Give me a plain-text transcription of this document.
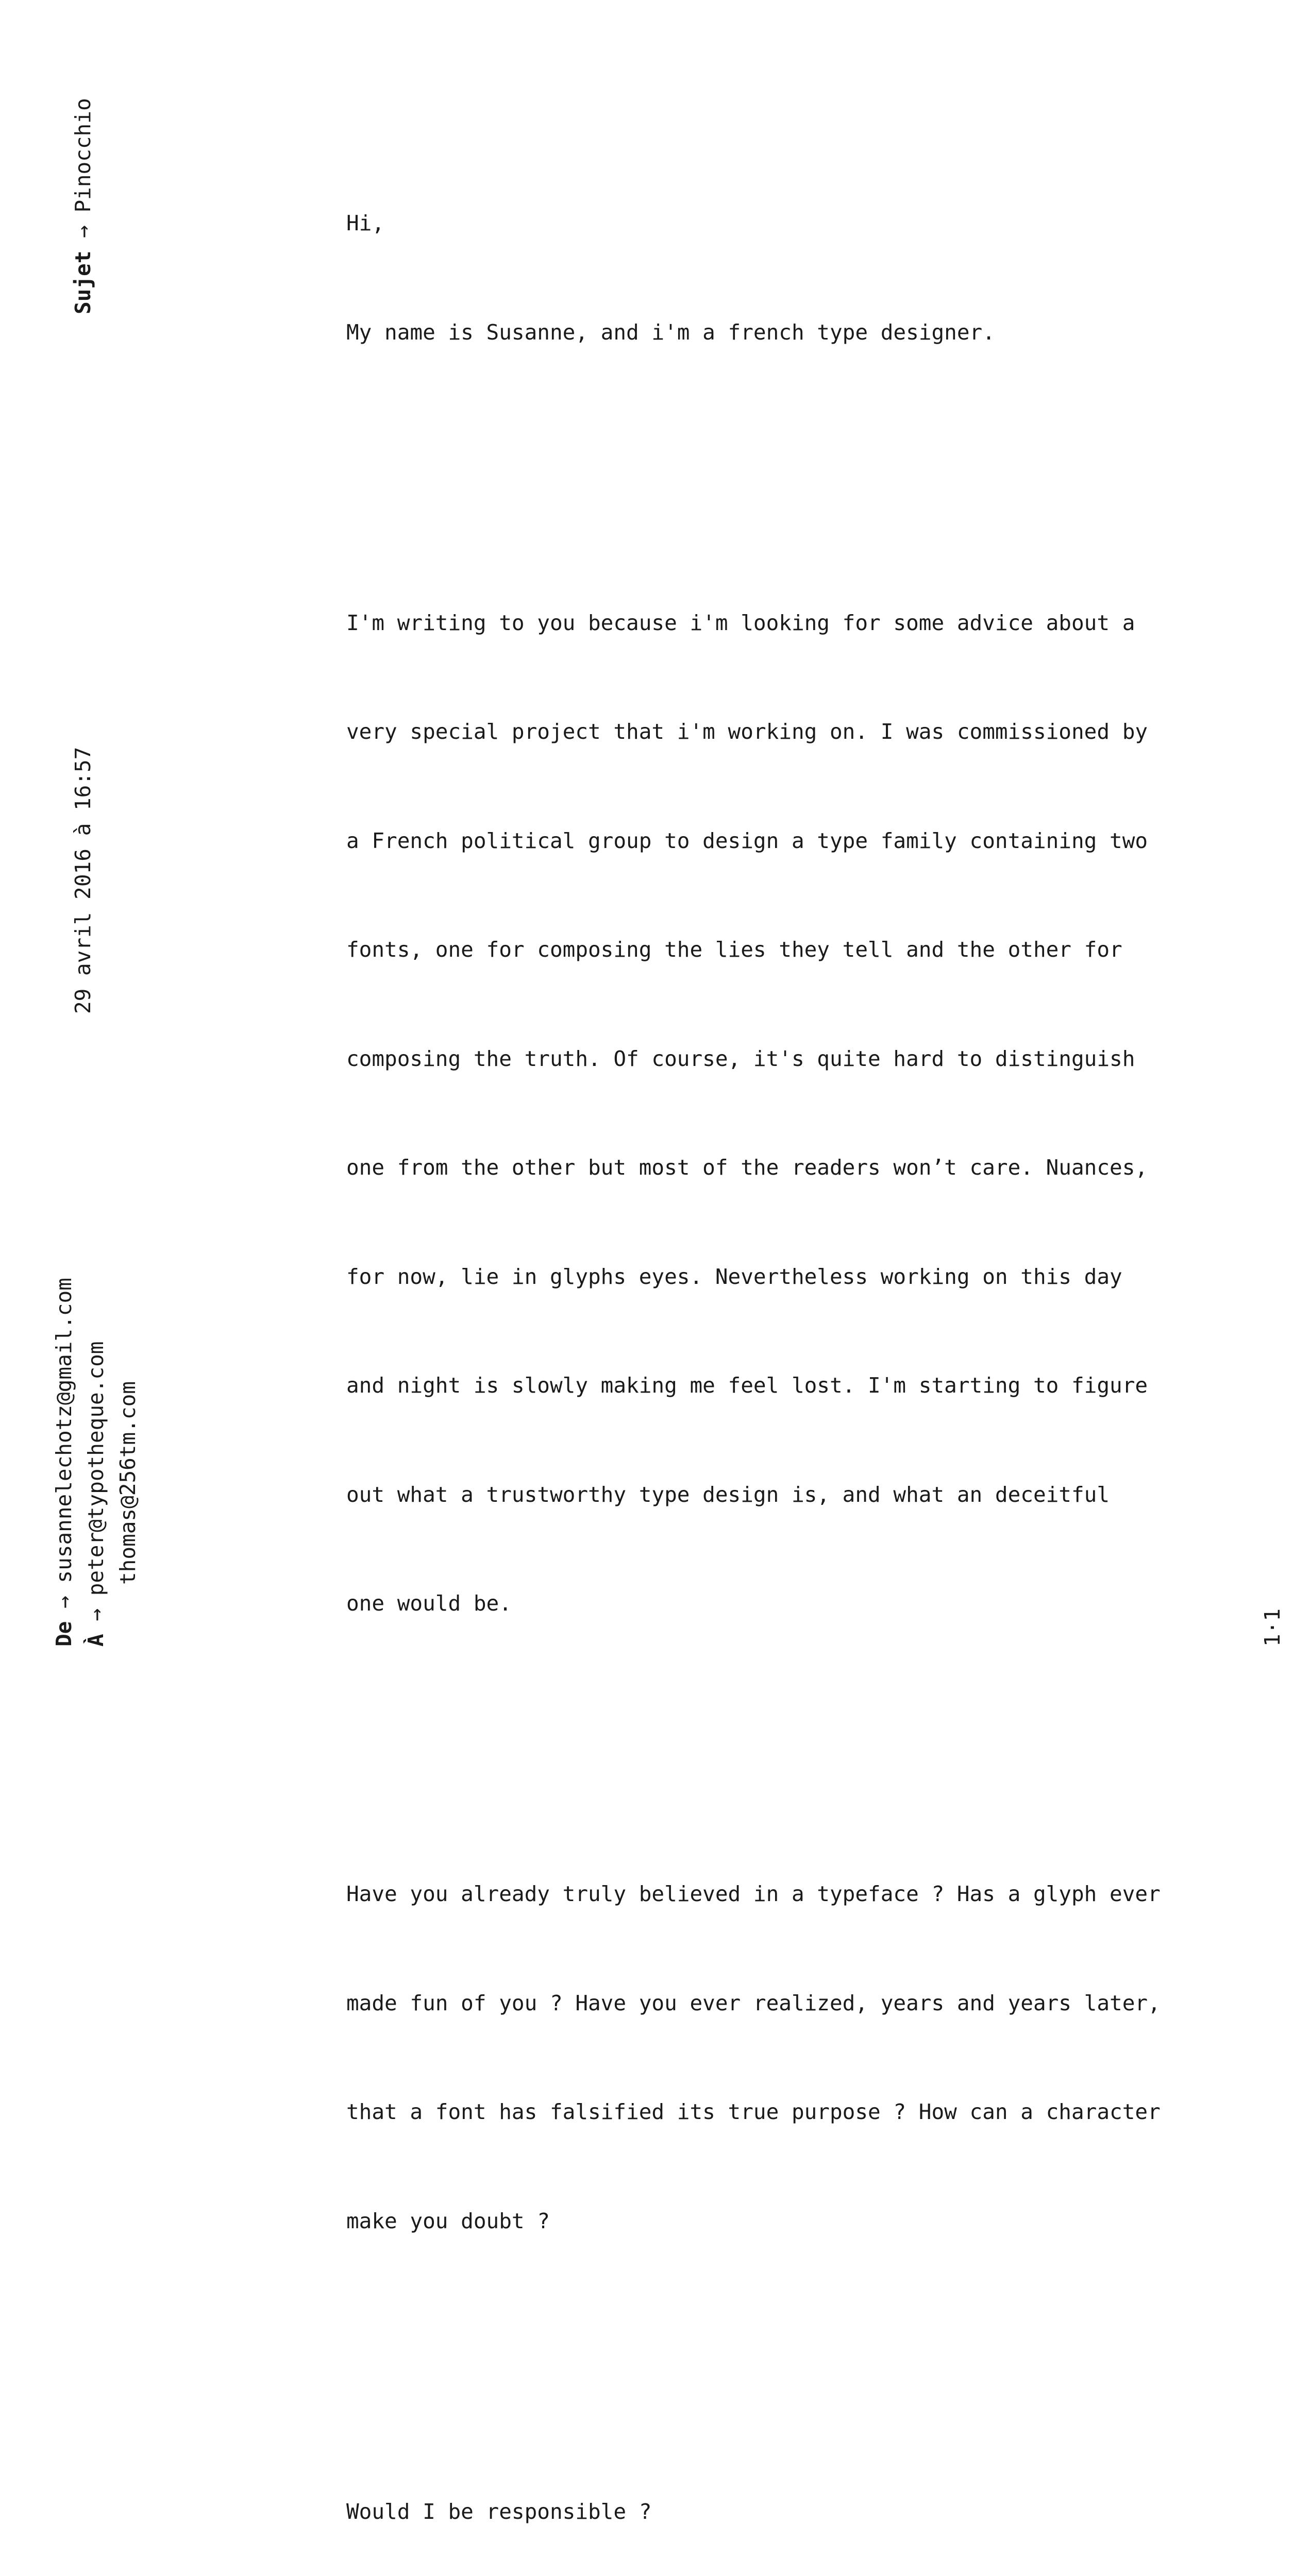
Hi,

My name is Susanne, and i'm a french type designer.

I'm writing to you because i'm looking for some advice about a

very special project that i'm working on. I was commissioned by

a French political group to design a type family containing two

fonts, one for composing the lies they tell and the other for

composing the truth. Of course, it's quite hard to distinguish

one from the other but most of the readers won’t care. Nuances,

for now, lie in glyphs eyes. Nevertheless working on this day

and night is slowly making me feel lost. I'm starting to figure

out what a trustworthy type design is, and what an deceitful

one would be.

Have you already truly believed in a typeface ? Has a glyph ever

made fun of you ? Have you ever realized, years and years later,

that a font has falsified its true purpose ? How can a character

make you doubt ?

Would I be responsible ?

Sujet → Pinocchio
29 avril 2016 à 16:57
De → susannelechotz@gmail.com
À → peter@typotheque.com thomas@256tm.com
1·1
